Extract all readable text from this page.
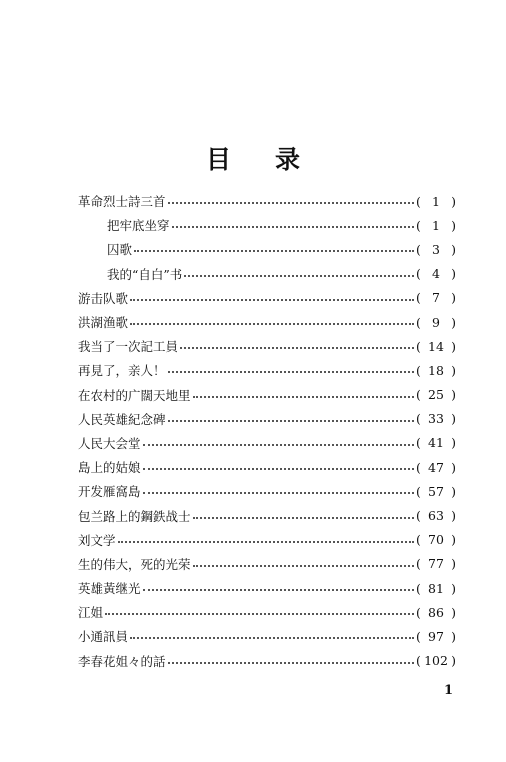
目 录
革命烈士詩三首	( 1 )
把牢底坐穿	( 1 )
囚歌	( 3 )
我的“自白”书	( 4 )
游击队歌	( 7 )
洪湖渔歌	( 9 )
我当了一次記工員	( 14 )
再見了，亲人！	( 18 )
在农村的广闊天地里	( 25 )
人民英雄紀念碑	( 33 )
人民大会堂	( 41 )
島上的姑娘	( 47 )
开发雁窩島	( 57 )
包兰路上的鋼鉄战士	( 63 )
刘文学	( 70 )
生的伟大，死的光荣	( 77 )
英雄黃继光	( 81 )
江姐	( 86 )
小通訊員	( 97 )
李春花姐々的話	( 102 )
1
